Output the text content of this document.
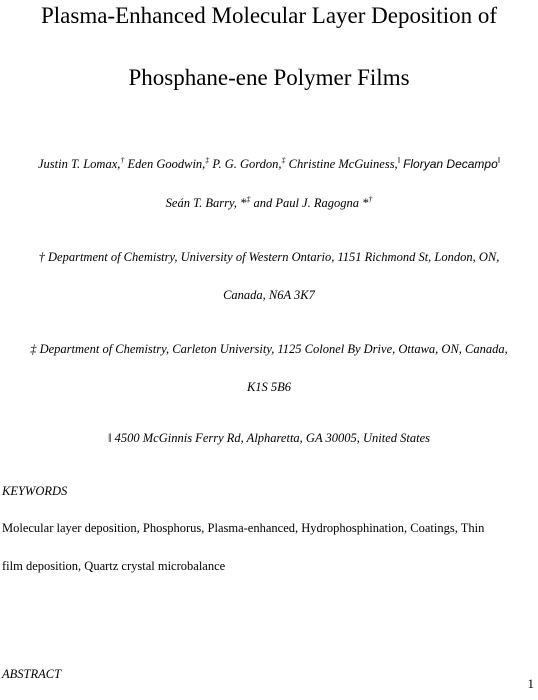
Plasma-Enhanced Molecular Layer Deposition of
Phosphane-ene Polymer Films
Justin T. Lomax,† Eden Goodwin,‡ P. G. Gordon,‡ Christine McGuiness,‖ Floryan Decampo‖
Seán T. Barry, *‡ and Paul J. Ragogna *†
† Department of Chemistry, University of Western Ontario, 1151 Richmond St, London, ON,
Canada, N6A 3K7
‡ Department of Chemistry, Carleton University, 1125 Colonel By Drive, Ottawa, ON, Canada,
K1S 5B6
‖ 4500 McGinnis Ferry Rd, Alpharetta, GA 30005, United States
KEYWORDS
Molecular layer deposition, Phosphorus, Plasma-enhanced, Hydrophosphination, Coatings, Thin
film deposition, Quartz crystal microbalance
ABSTRACT
1
